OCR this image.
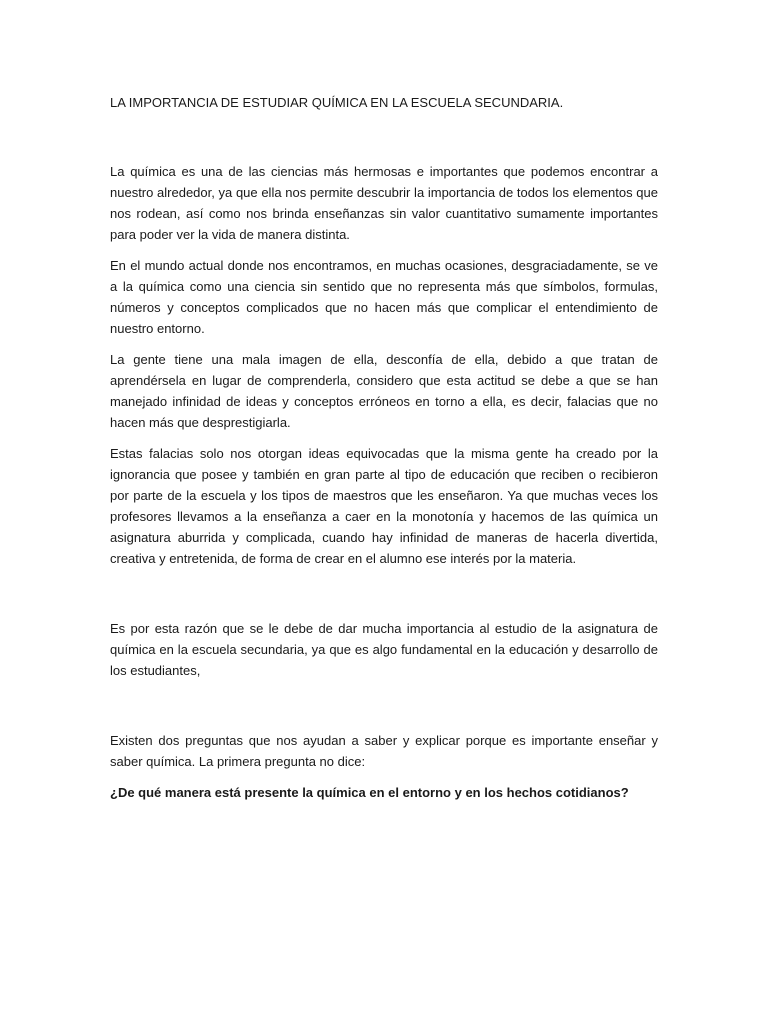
LA IMPORTANCIA DE ESTUDIAR QUÍMICA EN LA ESCUELA SECUNDARIA.

La química es una de las ciencias más hermosas e importantes que podemos encontrar a nuestro alrededor, ya que ella nos permite descubrir la importancia de todos los elementos que nos rodean, así como nos brinda enseñanzas sin valor cuantitativo sumamente importantes para poder ver la vida de manera distinta.

En el mundo actual donde nos encontramos, en muchas ocasiones, desgraciadamente, se ve a la química como una ciencia sin sentido que no representa más que símbolos, formulas, números y conceptos complicados que no hacen más que complicar el entendimiento de nuestro entorno.

La gente tiene una mala imagen de ella, desconfía de ella, debido a que tratan de aprendérsela en lugar de comprenderla, considero que esta actitud se debe a que se han manejado infinidad de ideas y conceptos erróneos en torno a ella, es decir, falacias que no hacen más que desprestigiarla.

Estas falacias solo nos otorgan ideas equivocadas que la misma gente ha creado por la ignorancia que posee y también en gran parte al tipo de educación que reciben o recibieron por parte de la escuela y los tipos de maestros que les enseñaron. Ya que muchas veces los profesores llevamos a la enseñanza a caer en la monotonía y hacemos de las química un asignatura aburrida y complicada, cuando hay infinidad de maneras de hacerla divertida, creativa y entretenida, de forma de crear en el alumno ese interés por la materia.

Es por esta razón que se le debe de dar mucha importancia al estudio de la asignatura de química en la escuela secundaria, ya que es algo fundamental en la educación y desarrollo de los estudiantes,

Existen dos preguntas que nos ayudan a saber y explicar porque es importante enseñar y saber química. La primera pregunta no dice:

¿De qué manera está presente la química en el entorno y en los hechos cotidianos?
